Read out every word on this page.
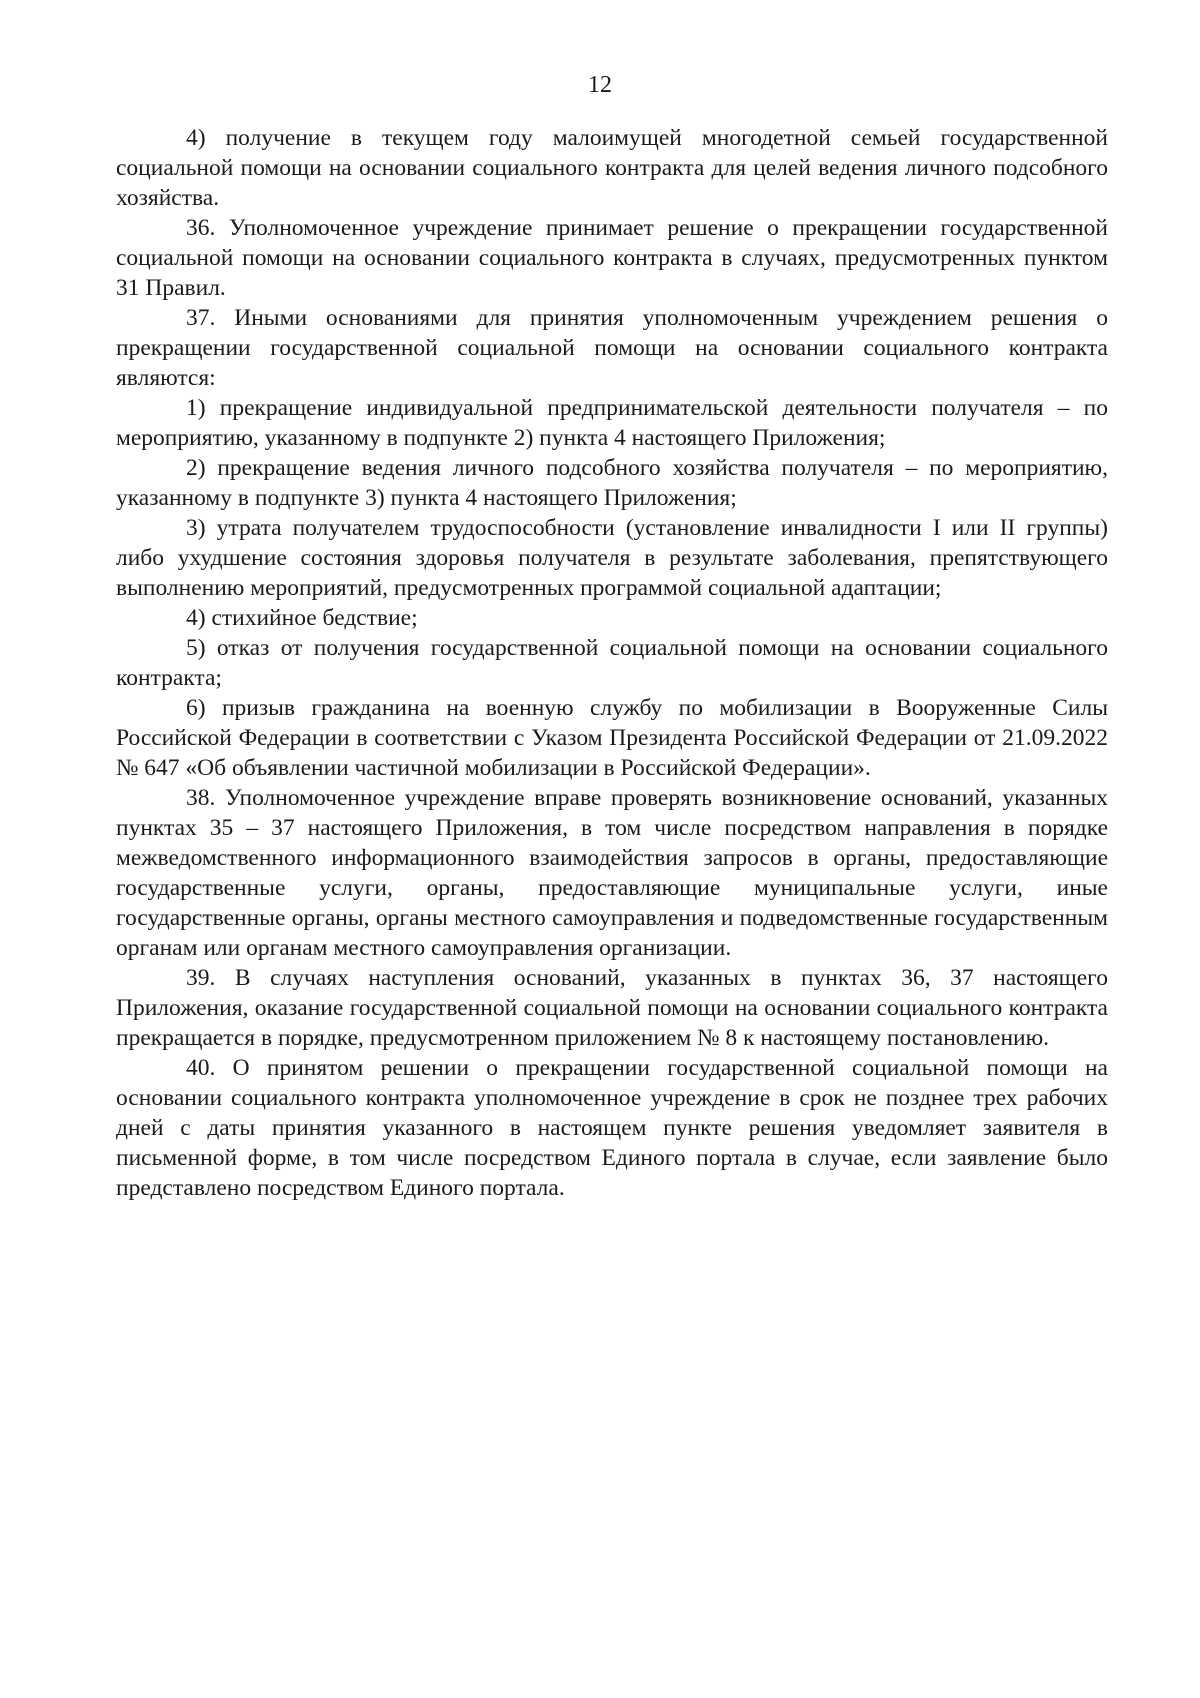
12

4) получение в текущем году малоимущей многодетной семьей государственной социальной помощи на основании социального контракта для целей ведения личного подсобного хозяйства.

36. Уполномоченное учреждение принимает решение о прекращении государственной социальной помощи на основании социального контракта в случаях, предусмотренных пунктом 31 Правил.

37. Иными основаниями для принятия уполномоченным учреждением решения о прекращении государственной социальной помощи на основании социального контракта являются:

1) прекращение индивидуальной предпринимательской деятельности получателя – по мероприятию, указанному в подпункте 2) пункта 4 настоящего Приложения;

2) прекращение ведения личного подсобного хозяйства получателя – по мероприятию, указанному в подпункте 3) пункта 4 настоящего Приложения;

3) утрата получателем трудоспособности (установление инвалидности I или II группы) либо ухудшение состояния здоровья получателя в результате заболевания, препятствующего выполнению мероприятий, предусмотренных программой социальной адаптации;

4) стихийное бедствие;

5) отказ от получения государственной социальной помощи на основании социального контракта;

6) призыв гражданина на военную службу по мобилизации в Вооруженные Силы Российской Федерации в соответствии с Указом Президента Российской Федерации от 21.09.2022 № 647 «Об объявлении частичной мобилизации в Российской Федерации».

38. Уполномоченное учреждение вправе проверять возникновение оснований, указанных пунктах 35 – 37 настоящего Приложения, в том числе посредством направления в порядке межведомственного информационного взаимодействия запросов в органы, предоставляющие государственные услуги, органы, предоставляющие муниципальные услуги, иные государственные органы, органы местного самоуправления и подведомственные государственным органам или органам местного самоуправления организации.

39. В случаях наступления оснований, указанных в пунктах 36, 37 настоящего Приложения, оказание государственной социальной помощи на основании социального контракта прекращается в порядке, предусмотренном приложением № 8 к настоящему постановлению.

40. О принятом решении о прекращении государственной социальной помощи на основании социального контракта уполномоченное учреждение в срок не позднее трех рабочих дней с даты принятия указанного в настоящем пункте решения уведомляет заявителя в письменной форме, в том числе посредством Единого портала в случае, если заявление было представлено посредством Единого портала.
